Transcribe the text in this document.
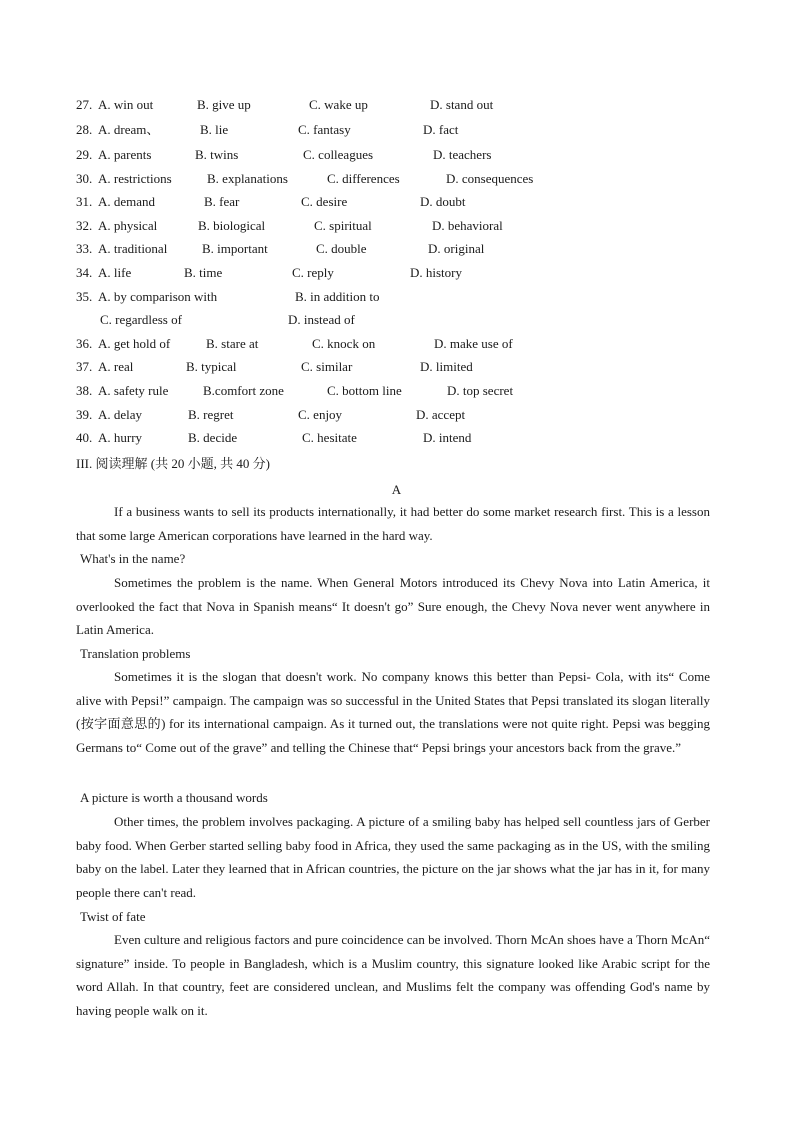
27. A. win out	B. give up	C. wake up	D. stand out
28. A. dream、	B. lie	C. fantasy	D. fact
29. A. parents	B. twins	C. colleagues	D. teachers
30. A. restrictions	B. explanations	C. differences	D. consequences
31. A. demand	B. fear	C. desire	D. doubt
32. A. physical	B. biological	C. spiritual	D. behavioral
33. A. traditional	B. important	C. double	D. original
34. A. life	B. time	C. reply	D. history
35. A. by comparison with	B. in addition to
C. regardless of	D. instead of
36. A. get hold of	B. stare at	C. knock on	D. make use of
37. A. real	B. typical	C. similar	D. limited
38. A. safety rule	B.comfort zone	C. bottom line	D. top secret
39. A. delay	B. regret	C. enjoy	D. accept
40. A. hurry	B. decide	C. hesitate	D. intend
III. 阅读理解 (共 20 小题, 共 40 分)
A
If a business wants to sell its products internationally, it had better do some market research first. This is a lesson that some large American corporations have learned in the hard way.
What's in the name?
Sometimes the problem is the name. When General Motors introduced its Chevy Nova into Latin America, it overlooked the fact that Nova in Spanish means“ It doesn't go” Sure enough, the Chevy Nova never went anywhere in Latin America.
Translation problems
Sometimes it is the slogan that doesn't work. No company knows this better than Pepsi- Cola, with its“ Come alive with Pepsi!” campaign. The campaign was so successful in the United States that Pepsi translated its slogan literally (按字面意思的) for its international campaign. As it turned out, the translations were not quite right. Pepsi was begging Germans to“ Come out of the grave” and telling the Chinese that“ Pepsi brings your ancestors back from the grave.”
A picture is worth a thousand words
Other times, the problem involves packaging. A picture of a smiling baby has helped sell countless jars of Gerber baby food. When Gerber started selling baby food in Africa, they used the same packaging as in the US, with the smiling baby on the label. Later they learned that in African countries, the picture on the jar shows what the jar has in it, for many people there can't read.
Twist of fate
Even culture and religious factors and pure coincidence can be involved. Thorn McAn shoes have a Thorn McAn“ signature” inside. To people in Bangladesh, which is a Muslim country, this signature looked like Arabic script for the word Allah. In that country, feet are considered unclean, and Muslims felt the company was offending God's name by having people walk on it.
